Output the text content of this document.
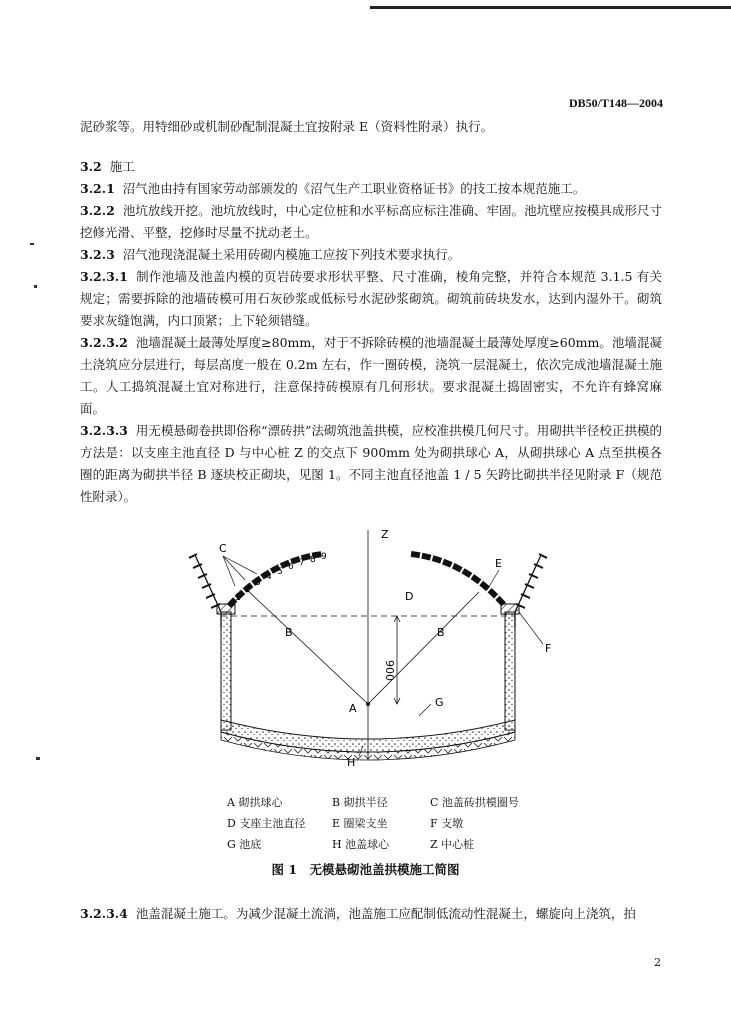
DB50/T148—2004

泥砂浆等。用特细砂或机制砂配制混凝土宜按附录 E（资料性附录）执行。

3.2 施工

3.2.1 沼气池由持有国家劳动部颁发的《沼气生产工职业资格证书》的技工按本规范施工。

3.2.2 池坑放线开挖。池坑放线时，中心定位桩和水平标高应标注准确、牢固。池坑壁应按模具成形尺寸挖修光滑、平整，挖修时尽量不扰动老土。

3.2.3 沼气池现浇混凝土采用砖砌内模施工应按下列技术要求执行。

3.2.3.1 制作池墙及池盖内模的页岩砖要求形状平整、尺寸准确，棱角完整，并符合本规范 3.1.5 有关规定；需要拆除的池墙砖模可用石灰砂浆或低标号水泥砂浆砌筑。砌筑前砖块发水，达到内湿外干。砌筑要求灰缝饱满，内口顶紧；上下轮须错缝。

3.2.3.2 池墙混凝土最薄处厚度≥80mm，对于不拆除砖模的池墙混凝土最薄处厚度≥60mm。池墙混凝土浇筑应分层进行，每层高度一般在 0.2m 左右，作一圈砖模，浇筑一层混凝土，依次完成池墙混凝土施工。人工捣筑混凝土宜对称进行，注意保持砖模原有几何形状。要求混凝土捣固密实，不允许有蜂窝麻面。

3.2.3.3 用无模悬砌卷拱即俗称“漂砖拱”法砌筑池盖拱模，应校准拱模几何尺寸。用砌拱半径校正拱模的方法是：以支座主池直径 D 与中心桩 Z 的交点下 900mm 处为砌拱球心 A，从砌拱球心 A 点至拱模各圈的距离为砌拱半径 B 逐块校正砌块，见图 1。不同主池直径池盖 1 / 5 矢跨比砌拱半径见附录 F（规范性附录）。

900
1
2
3
4 5 6 7 8 9
C
E
Z
D
B	B
F
A	G
H
A 砌拱球心	B 砌拱半径	C 池盖砖拱模圈号
D 支座主池直径	E 圈梁支坐	F 支墩
G 池底	H 池盖球心	Z 中心桩
图 1　无模悬砌池盖拱模施工简图

3.2.3.4 池盖混凝土施工。为减少混凝土流淌，池盖施工应配制低流动性混凝土，螺旋向上浇筑，拍

2
